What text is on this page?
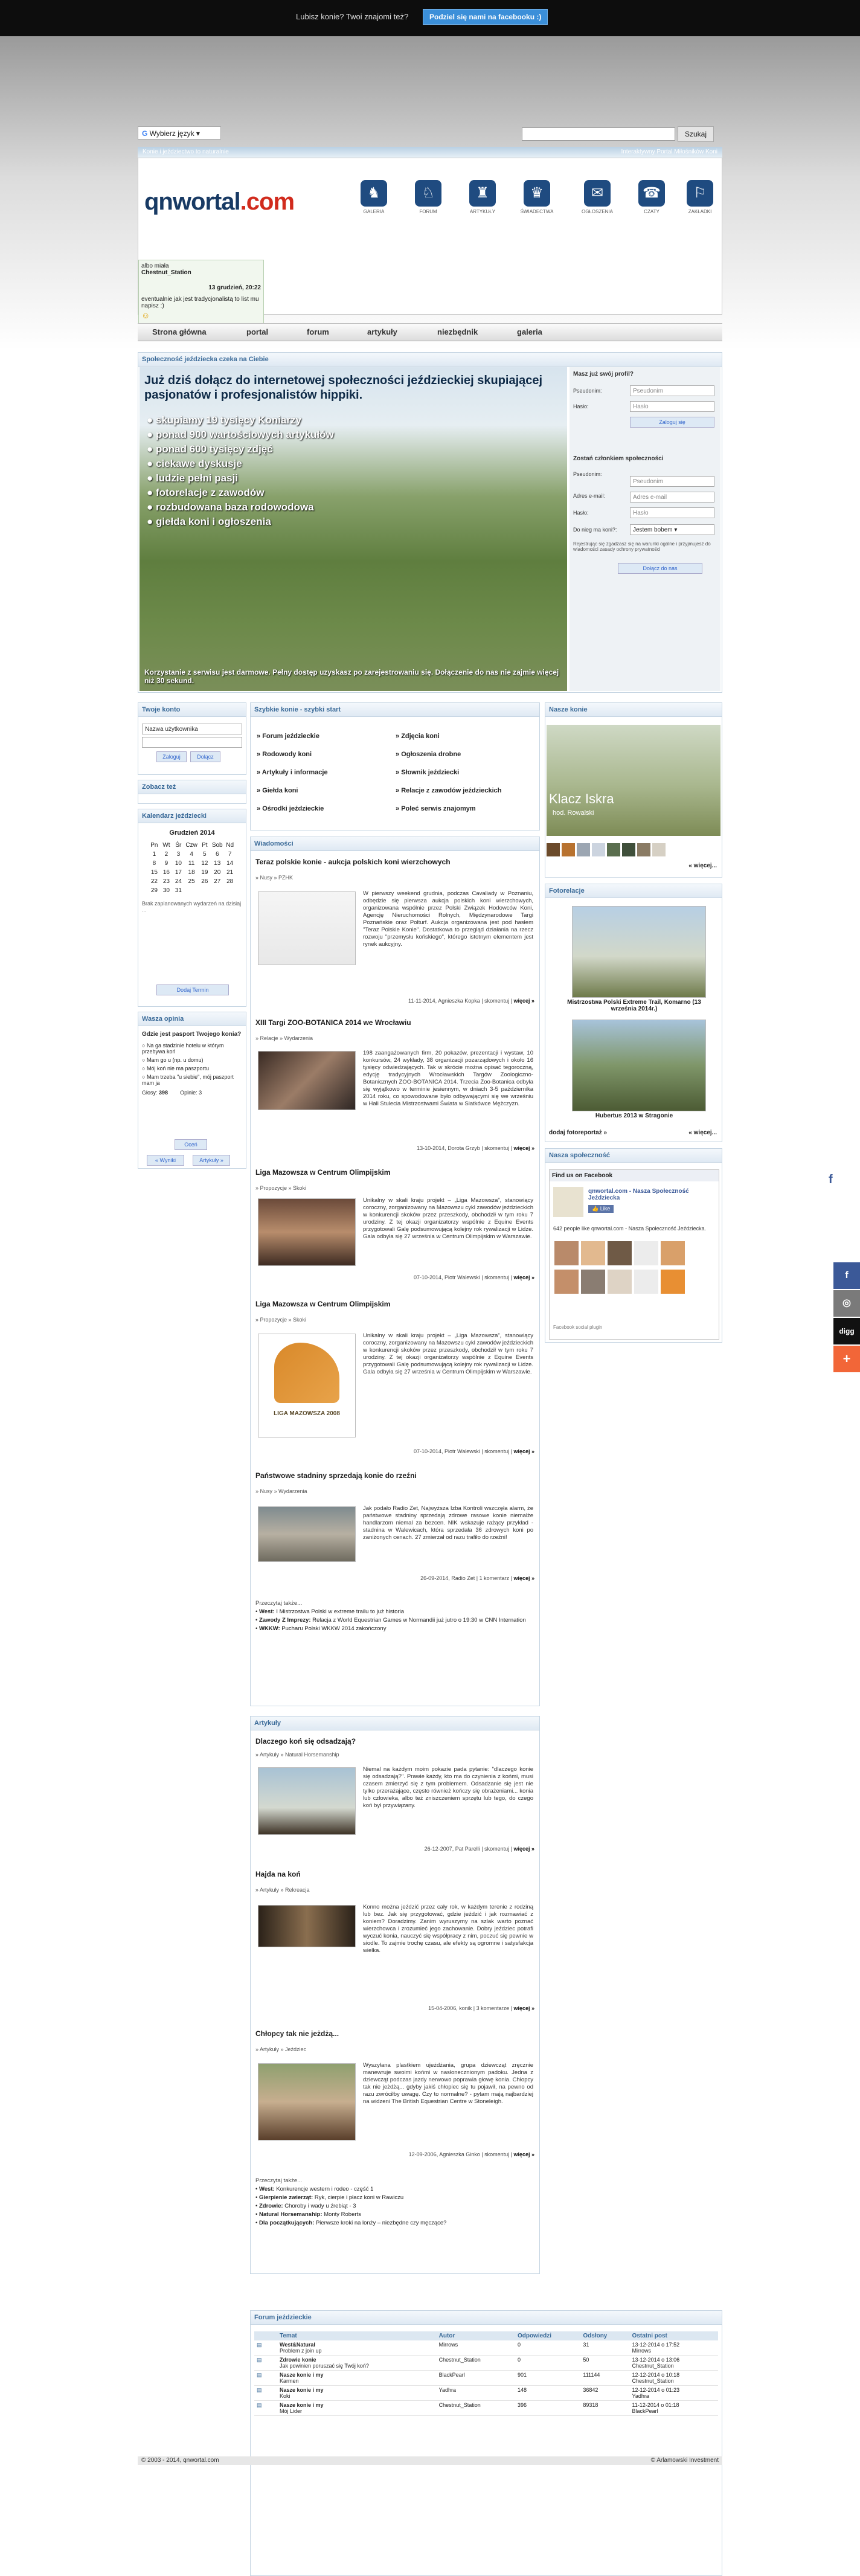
Lubisz konie? Twoi znajomi też?	Podziel się nami na facebooku :)
G Wybierz język ▾	Szukaj
Konie i jeździectwo to naturalnie	Interaktywny Portal Miłośników Koni
qnwortal.com	♞
GALERIA
♘
FORUM
♜
ARTYKUŁY
♛
ŚWIADECTWA
✉
OGŁOSZENIA
☎
CZATY
⚐
ZAKŁADKI
albo miała
Chestnut_Station
13 grudzień, 20:22
eventualnie jak jest tradycjonalistą to list mu napisz :)
☺
Strona główna	portal	forum	artykuły	niezbędnik	galeria
Społeczność jeździecka czeka na Ciebie
Już dziś dołącz do internetowej społeczności jeździeckiej skupiającej pasjonatów i profesjonalistów hippiki.
● skupiamy 19 tysięcy Koniarzy
● ponad 900 wartościowych artykułów
● ponad 600 tysięcy zdjęć
● ciekawe dyskusje
● ludzie pełni pasji
● fotorelacje z zawodów
● rozbudowana baza rodowodowa
● giełda koni i ogłoszenia
Korzystanie z serwisu jest darmowe. Pełny dostęp uzyskasz po zarejestrowaniu się. Dołączenie do nas nie zajmie więcej niż 30 sekund.
Masz już swój profil?
Pseudonim:	Pseudonim
Hasło:	Hasło
Zaloguj się
Zostań członkiem społeczności
Pseudonim:
Pseudonim
Adres e-mail:	Adres e-mail
Hasło:	Hasło
Do nieg ma koni?:	Jestem bobem ▾
Rejestrując się zgadzasz się na warunki ogólne i przyjmujesz do wiadomości zasady ochrony prywatności
Dołącz do nas
Twoje konto
Nazwa użytkownika
Zaloguj	Dołącz
Zobacz też
Kalendarz jeździecki
Grudzień 2014
Pn	Wt	Śr	Czw	Pt	Sob	Nd
1	2	3	4	5	6	7
8	9	10	11	12	13	14
15	16	17	18	19	20	21
22	23	24	25	26	27	28
29	30	31				
Brak zaplanowanych wydarzeń na dzisiaj ...
Dodaj Termin
Wasza opinia
Gdzie jest pasport Twojego konia?
○ Na ga stadzinie hotelu w którym przebywa koń
○ Mam go u (np. u domu)
○ Mój koń nie ma paszportu
○ Mam trzeba "u siebie", mój paszport mam ja
Głosy: 398 Opinie: 3
Oceń
« Wyniki	Artykuły »
Szybkie konie - szybki start
» Forum jeździeckie
» Rodowody koni
» Artykuły i informacje
» Giełda koni
» Ośrodki jeździeckie
» Zdjęcia koni
» Ogłoszenia drobne
» Słownik jeździecki
» Relacje z zawodów jeździeckich
» Poleć serwis znajomym
Wiadomości
Teraz polskie konie - aukcja polskich koni wierzchowych
» Nusy » PZHK
W pierwszy weekend grudnia, podczas Cavaliady w Poznaniu, odbędzie się pierwsza aukcja polskich koni wierzchowych, organizowana wspólnie przez Polski Związek Hodowców Koni, Agencję Nieruchomości Rolnych, Międzynarodowe Targi Poznańskie oraz Polturf. Aukcja organizowana jest pod hasłem "Teraz Polskie Konie". Dostatkowa to przegląd działania na rzecz rozwoju "przemysłu końskiego", którego istotnym elementem jest rynek aukcyjny.
11-11-2014, Agnieszka Kopka | skomentuj | więcej »
XIII Targi ZOO-BOTANICA 2014 we Wrocławiu
» Relacje » Wydarzenia
198 zaangażowanych firm, 20 pokazów, prezentacji i wystaw, 10 konkursów, 24 wykłady, 38 organizacji pozarządowych i około 16 tysięcy odwiedzających. Tak w skrócie można opisać tegoroczną, edycję tradycyjnych Wrocławskich Targów Zoologiczno-Botanicznych ZOO-BOTANICA 2014. Trzecia Zoo-Botanica odbyła się wyjątkowo w terminie jesiennym, w dniach 3-5 października 2014 roku, co spowodowane było odbywającymi się we wrześniu w Hali Stulecia Mistrzostwami Świata w Siatkówce Mężczyzn.
13-10-2014, Dorota Grzyb | skomentuj | więcej »
Liga Mazowsza w Centrum Olimpijskim
» Propozycje » Skoki
Unikalny w skali kraju projekt – „Liga Mazowsza”, stanowiący coroczny, zorganizowany na Mazowszu cykl zawodów jeździeckich w konkurencji skoków przez przeszkody, obchodził w tym roku 7 urodziny. Z tej okazji organizatorzy wspólnie z Equine Events przygotowali Galę podsumowującą kolejny rok rywalizacji w Lidze. Gala odbyła się 27 września w Centrum Olimpijskim w Warszawie.
07-10-2014, Piotr Walewski | skomentuj | więcej »
Liga Mazowsza w Centrum Olimpijskim
» Propozycje » Skoki
LIGA MAZOWSZA 2008
Unikalny w skali kraju projekt – „Liga Mazowsza”, stanowiący coroczny, zorganizowany na Mazowszu cykl zawodów jeździeckich w konkurencji skoków przez przeszkody, obchodził w tym roku 7 urodziny. Z tej okazji organizatorzy wspólnie z Equine Events przygotowali Galę podsumowującą kolejny rok rywalizacji w Lidze. Gala odbyła się 27 września w Centrum Olimpijskim w Warszawie.
07-10-2014, Piotr Walewski | skomentuj | więcej »
Państwowe stadniny sprzedają konie do rzeźni
» Nusy » Wydarzenia
Jak podało Radio Zet, Najwyższa Izba Kontroli wszczęła alarm, że państwowe stadniny sprzedają zdrowe rasowe konie niemalże handlarzom niemal za bezcen. NIK wskazuje rażący przykład - stadnina w Walewicach, która sprzedała 36 zdrowych koni po zaniżonych cenach. 27 zmierzał od razu trafiło do rzeźni!
26-09-2014, Radio Zet | 1 komentarz | więcej »
Przeczytaj także...
• West: I Mistrzostwa Polski w extreme trailu to już historia
• Zawody Z Imprezy: Relacja z World Equestrian Games w Normandii już jutro o 19:30 w CNN Internation
• WKKW: Pucharu Polski WKKW 2014 zakończony
Artykuły
Dlaczego koń się odsadzają?
» Artykuły » Natural Horsemanship
Niemal na każdym moim pokazie pada pytanie: "dlaczego konie się odsadzają?". Prawie każdy, kto ma do czynienia z końmi, musi czasem zmierzyć się z tym problemem. Odsadzanie się jest nie tylko przerażające, często również kończy się obrażeniami... konia lub człowieka, albo też zniszczeniem sprzętu lub tego, do czego koń był przywiązany.
26-12-2007, Pat Parelli | skomentuj | więcej »
Hajda na koń
» Artykuły » Rekreacja
Konno można jeździć przez cały rok, w każdym terenie z rodziną lub bez. Jak się przygotować, gdzie jeździć i jak rozmawiać z koniem? Doradzimy. Zanim wyruszymy na szlak warto poznać wierzchowca i zrozumieć jego zachowanie. Dobry jeździec potrafi wyczuć konia, nauczyć się współpracy z nim, poczuć się pewnie w siodle. To zajmie trochę czasu, ale efekty są ogromne i satysfakcja wielka.
15-04-2006, konik | 3 komentarze | więcej »
Chłopcy tak nie jeżdżą...
» Artykuły » Jeździec
Wyszyłana plastkiem ujeżdżania, grupa dziewcząt zręcznie manewruje swoimi końmi w nasłonecznionym padoku. Jedna z dziewcząt podczas jazdy nerwowo poprawia głowę konia. Chłopcy tak nie jeżdżą... gdyby jakiś chłopiec się tu pojawił, na pewno od razu zwróciłby uwagę. Czy to normalne? - pytam mają najbardziej na widzeni The British Equestrian Centre w Stoneleigh.
12-09-2006, Agnieszka Ginko | skomentuj | więcej »
Przeczytaj także...
• West: Konkurencje western i rodeo - część 1
• Gierpienie zwierząt: Ryk, cierpie i płacz koni w Rawiczu
• Zdrowie: Choroby i wady u źrebiąt - 3
• Natural Horsemanship: Monty Roberts
• Dla początkujących: Pierwsze kroki na lonży – niezbędne czy męczące?
Nasze konie
Klacz Iskra
hod. Rowalski
« więcej...
Fotorelacje
Mistrzostwa Polski Extreme Trail, Komarno (13 września 2014r.)
Hubertus 2013 w Stragonie
dodaj fotoreportaż »	« więcej...
Nasza społeczność
Find us on Facebook
qnwortal.com - Nasza Społeczność Jeździecka
👍 Like
642 people like qnwortal.com - Nasza Społeczność Jeździecka.

Facebook social plugin
Forum jeździeckie
	Temat	Autor	Odpowiedzi	Odsłony	Ostatni post
▤	West&Natural
Problem z join up	Mirrows	0	31	13-12-2014 o 17:52
Mirrows
▤	Zdrowie konie
Jak powinien poruszać się Twój koń?	Chestnut_Station	0	50	13-12-2014 o 13:06
Chestnut_Station
▤	Nasze konie i my
Karmen	BlackPearl	901	111144	12-12-2014 o 10:18
Chestnut_Station
▤	Nasze konie i my
Koki	Yadhra	148	36842	12-12-2014 o 01:23
Yadhra
▤	Nasze konie i my
Mój Lider	Chestnut_Station	396	89318	11-12-2014 o 01:18
BlackPearl
© 2003 - 2014, qnwortal.com	© Arlamowski Investment
f
f
◎
digg
+
